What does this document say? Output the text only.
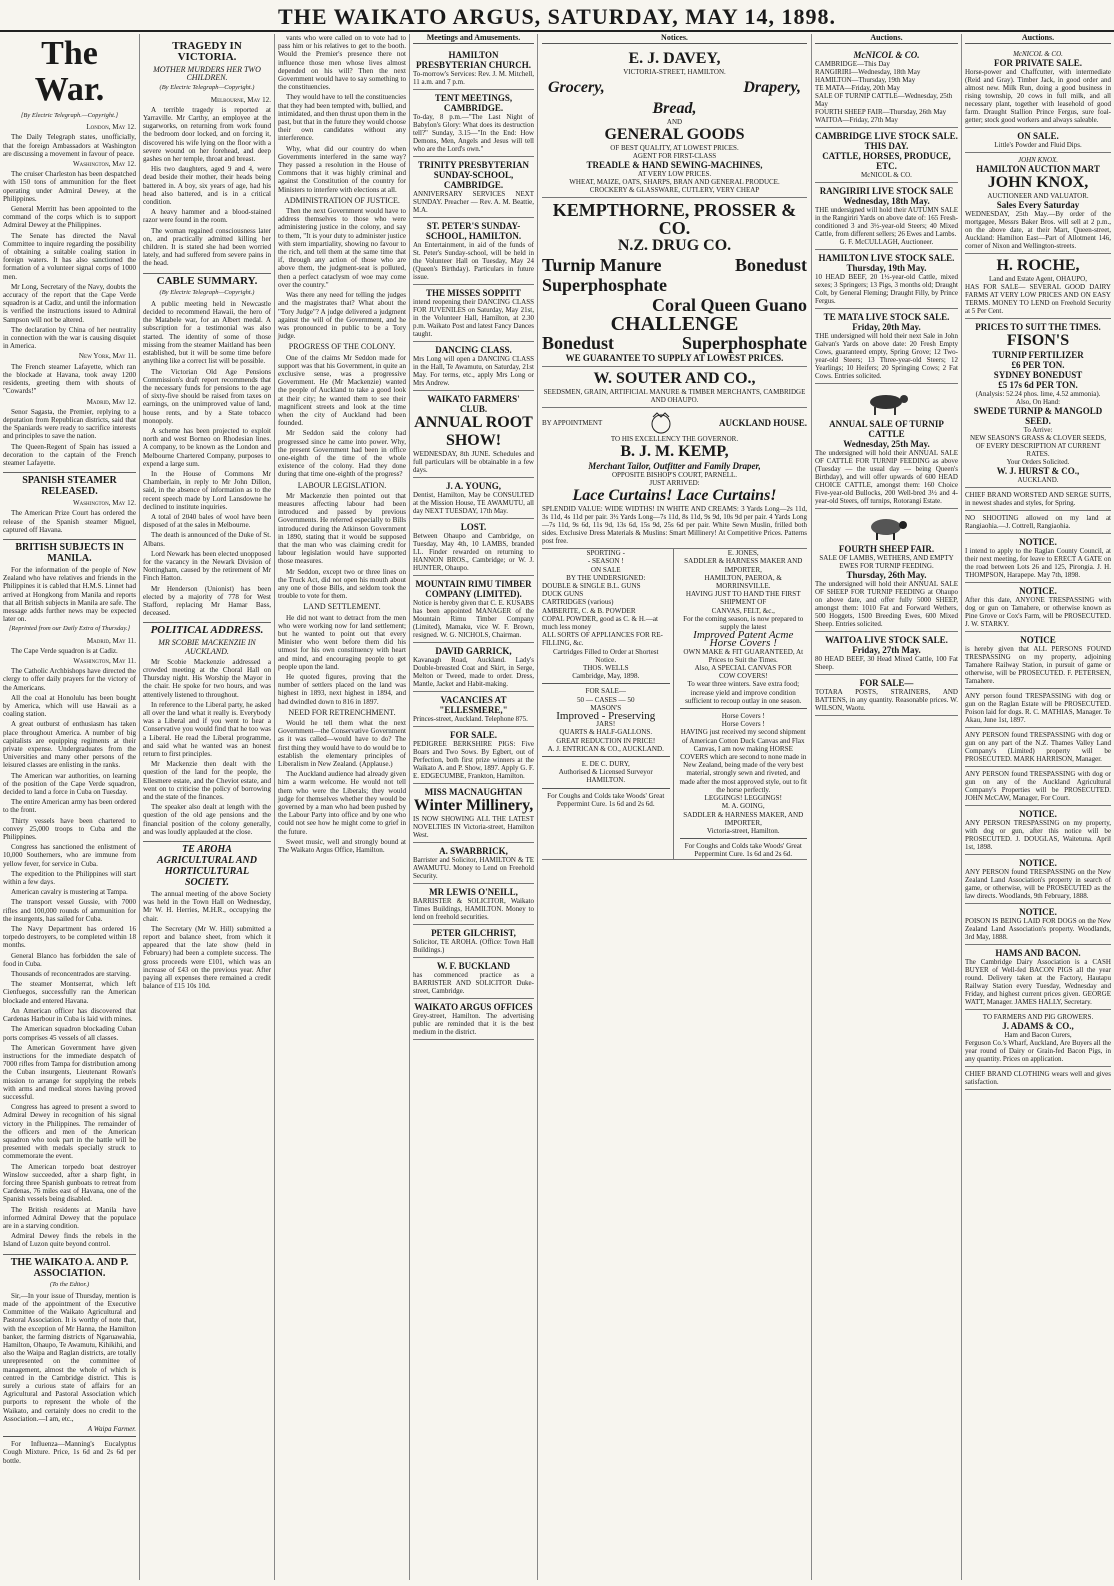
THE WAIKATO ARGUS, SATURDAY, MAY 14, 1898.
The War.
[By Electric Telegraph.—Copyright.]

London, May 12.

The Daily Telegraph states, unofficially, that the foreign Ambassadors at Washington are discussing a movement in favour of peace.

Washington, May 12.

The cruiser Charleston has been despatched with 150 tons of ammunition for the fleet operating under Admiral Dewey, at the Philippines.

General Merritt has been appointed to the command of the corps which is to support Admiral Dewey at the Philippines.

The Senate has directed the Naval Committee to inquire regarding the possibility of obtaining a suitable coaling station in foreign waters. It has also sanctioned the formation of a volunteer signal corps of 1000 men.

Mr Long, Secretary of the Navy, doubts the accuracy of the report that the Cape Verde squadron is at Cadiz, and until the information is verified the instructions issued to Admiral Sampson will not be altered.

The declaration by China of her neutrality in connection with the war is causing disquiet in America.

New York, May 11.

The French steamer Lafayette, which ran the blockade at Havana, took away 1200 residents, greeting them with shouts of "Cowards!"

Madrid, May 12.

Senor Sagasta, the Premier, replying to a deputation from Republican districts, said that the Spaniards were ready to sacrifice interests and principles to save the nation.

The Queen-Regent of Spain has issued a decoration to the captain of the French steamer Lafayette.

SPANISH STEAMER RELEASED.

Washington, May 12.

The American Prize Court has ordered the release of the Spanish steamer Miguel, captured off Havana.

BRITISH SUBJECTS IN MANILA.

For the information of the people of New Zealand who have relatives and friends in the Philippines it is cabled that H.M.S. Linnet had arrived at Hongkong from Manila and reports that all British subjects in Manila are safe. The message adds further news may be expected later on.

[Reprinted from our Daily Extra of Thursday.]

Madrid, May 11.

The Cape Verde squadron is at Cadiz.

Washington, May 11.

The Catholic Archbishops have directed the clergy to offer daily prayers for the victory of the Americans.

All the coal at Honolulu has been bought by America, which will use Hawaii as a coaling station.

A great outburst of enthusiasm has taken place throughout America. A number of big capitalists are equipping regiments at their private expense. Undergraduates from the Universities and many other persons of the leisured classes are enlisting in the ranks.

The American war authorities, on learning of the position of the Cape Verde squadron, decided to land a force in Cuba on Tuesday.

The entire American army has been ordered to the front.

Thirty vessels have been chartered to convey 25,000 troops to Cuba and the Philippines.

Congress has sanctioned the enlistment of 10,000 Southerners, who are immune from yellow fever, for service in Cuba.

The expedition to the Philippines will start within a few days.

American cavalry is mustering at Tampa.

The transport vessel Gussie, with 7000 rifles and 100,000 rounds of ammunition for the insurgents, has sailed for Cuba.

The Navy Department has ordered 16 torpedo destroyers, to be completed within 18 months.

General Blanco has forbidden the sale of food in Cuba.

Thousands of reconcentrados are starving.

The steamer Montserrat, which left Cienfuegos, successfully ran the American blockade and entered Havana.

An American officer has discovered that Cardenas Harbour in Cuba is laid with mines.

The American squadron blockading Cuban ports comprises 45 vessels of all classes.

The American Government have given instructions for the immediate despatch of 7000 rifles from Tampa for distribution among the Cuban insurgents, Lieutenant Rowan's mission to arrange for supplying the rebels with arms and medical stores having proved successful.

Congress has agreed to present a sword to Admiral Dewey in recognition of his signal victory in the Philippines. The remainder of the officers and men of the American squadron who took part in the battle will be presented with medals specially struck to commemorate the event.

The American torpedo boat destroyer Winslow succeeded, after a sharp fight, in forcing three Spanish gunboats to retreat from Cardenas, 76 miles east of Havana, one of the Spanish vessels being disabled.

The British residents at Manila have informed Admiral Dewey that the populace are in a starving condition.

Admiral Dewey finds the rebels in the Island of Luzon quite beyond control.

THE WAIKATO A. AND P. ASSOCIATION.
(To the Editor.)

Sir,—In your issue of Thursday, mention is made of the appointment of the Executive Committee of the Waikato Agricultural and Pastoral Association. It is worthy of note that, with the exception of Mr Hanna, the Hamilton banker, the farming districts of Ngaruawahia, Hamilton, Ohaupo, Te Awamutu, Kihikihi, and also the Waipa and Raglan districts, are totally unrepresented on the committee of management, almost the whole of which is centred in the Cambridge district. This is surely a curious state of affairs for an Agricultural and Pastoral Association which purports to represent the whole of the Waikato, and certainly does no credit to the Association.—I am, etc.,

A Waipa Farmer.

For Influenza—Manning's Eucalyptus Cough Mixture. Price, 1s 6d and 2s 6d per bottle.

TRAGEDY IN VICTORIA.
MOTHER MURDERS HER TWO CHILDREN.
(By Electric Telegraph—Copyright.)

Melbourne, May 12.

A terrible tragedy is reported at Yarraville. Mr Carthy, an employee at the sugarworks, on returning from work found the bedroom door locked, and on forcing it, discovered his wife lying on the floor with a severe wound on her forehead, and deep gashes on her temple, throat and breast.

His two daughters, aged 9 and 4, were dead beside their mother, their heads being battered in. A boy, six years of age, had his head also battered, and is in a critical condition.

A heavy hammer and a blood-stained razor were found in the room.

The woman regained consciousness later on, and practically admitted killing her children. It is stated she had been worried lately, and had suffered from severe pains in the head.

CABLE SUMMARY.
(By Electric Telegraph—Copyright.)

A public meeting held in Newcastle decided to recommend Hawaii, the hero of the Matabele war, for an Albert medal. A subscription for a testimonial was also started. The identity of some of those missing from the steamer Maitland has been established, but it will be some time before anything like a correct list will be possible.

The Victorian Old Age Pensions Commission's draft report recommends that the necessary funds for pensions to the age of sixty-five should be raised from taxes on earnings, on the unimproved value of land, house rents, and by a State tobacco monopoly.

A scheme has been projected to exploit north and west Borneo on Rhodesian lines. A company, to be known as the London and Melbourne Chartered Company, purposes to expend a large sum.

In the House of Commons Mr Chamberlain, in reply to Mr John Dillon, said, in the absence of information as to the recent speech made by Lord Lansdowne he declined to institute inquiries.

A total of 2040 bales of wool have been disposed of at the sales in Melbourne.

The death is announced of the Duke of St. Albans.

Lord Newark has been elected unopposed for the vacancy in the Newark Division of Nottingham, caused by the retirement of Mr Finch Hatton.

Mr Henderson (Unionist) has been elected by a majority of 778 for West Stafford, replacing Mr Hamar Bass, deceased.

POLITICAL ADDRESS.
MR SCOBIE MACKENZIE IN AUCKLAND.

Mr Scobie Mackenzie addressed a crowded meeting at the Choral Hall on Thursday night. His Worship the Mayor in the chair. He spoke for two hours, and was attentively listened to throughout.

In reference to the Liberal party, he asked all over the land what it really is. Everybody was a Liberal and if you went to hear a Conservative you would find that he too was a Liberal. He read the Liberal programme, and said what he wanted was an honest return to first principles.

Mr Mackenzie then dealt with the question of the land for the people, the Ellesmere estate, and the Cheviot estate, and went on to criticise the policy of borrowing and the state of the finances.

The speaker also dealt at length with the question of the old age pensions and the financial position of the colony generally, and was loudly applauded at the close.

TE AROHA AGRICULTURAL AND HORTICULTURAL SOCIETY.

The annual meeting of the above Society was held in the Town Hall on Wednesday, Mr W. H. Herries, M.H.R., occupying the chair.

The Secretary (Mr W. Hill) submitted a report and balance sheet, from which it appeared that the late show (held in February) had been a complete success. The gross proceeds were £101, which was an increase of £43 on the previous year. After paying all expenses there remained a credit balance of £15 10s 10d.

vants who were called on to vote had to pass him or his relatives to get to the booth. Would the Premier's presence there not influence those men whose lives almost depended on his will? Then the next Government would have to say something to the constituencies.

They would have to tell the constituencies that they had been tempted with, bullied, and intimidated, and then thrust upon them in the past, but that in the future they would choose their own candidates without any interference.

Why, what did our country do when Governments interfered in the same way? They passed a resolution in the House of Commons that it was highly criminal and against the Constitution of the country for Ministers to interfere with elections at all.

ADMINISTRATION OF JUSTICE.

Then the next Government would have to address themselves to those who were administering justice in the colony, and say to them, "It is your duty to administer justice with stern impartiality, showing no favour to the rich, and tell them at the same time that if, through any action of those who are above them, the judgment-seat is polluted, then a perfect cataclysm of woe may come over the country."

Was there any need for telling the judges and the magistrates that? What about the "Tory Judge"? A judge delivered a judgment against the will of the Government, and he was pronounced in public to be a Tory judge.

PROGRESS OF THE COLONY.

One of the claims Mr Seddon made for support was that his Government, in quite an exclusive sense, was a progressive Government. He (Mr Mackenzie) wanted the people of Auckland to take a good look at their city; he wanted them to see their magnificent streets and look at the time when the city of Auckland had been founded.

Mr Seddon said the colony had progressed since he came into power. Why, the present Government had been in office one-eighth of the time of the whole existence of the colony. Had they done during that time one-eighth of the progress?

LABOUR LEGISLATION.

Mr Mackenzie then pointed out that measures affecting labour had been introduced and passed by previous Governments. He referred especially to Bills introduced during the Atkinson Government in 1890, stating that it would be supposed that the man who was claiming credit for labour legislation would have supported those measures.

Mr Seddon, except two or three lines on the Truck Act, did not open his mouth about any one of those Bills, and seldom took the trouble to vote for them.

LAND SETTLEMENT.

He did not want to detract from the men who were working now for land settlement; but he wanted to point out that every Minister who went before them did his utmost for his own constituency with heart and mind, and encouraging people to get people upon the land.

He quoted figures, proving that the number of settlers placed on the land was highest in 1893, next highest in 1894, and had dwindled down to 816 in 1897.

NEED FOR RETRENCHMENT.

Would he tell them what the next Government—the Conservative Government as it was called—would have to do? The first thing they would have to do would be to establish the elementary principles of Liberalism in New Zealand. (Applause.)

The Auckland audience had already given him a warm welcome. He would not tell them who were the Liberals; they would judge for themselves whether they would be governed by a man who had been pushed by the Labour Party into office and by one who could not see how he might come to grief in the future.

Sweet music, well and strongly bound at The Waikato Argus Office, Hamilton.

Meetings and Amusements.
HAMILTON PRESBYTERIAN CHURCH.
To-morrow's Services: Rev. J. M. Mitchell, 11 a.m. and 7 p.m.
TENT MEETINGS, CAMBRIDGE.
To-day, 8 p.m.—"The Last Night of Babylon's Glory: What does its destruction tell?" Sunday, 3.15—"In the End: How Demons, Men, Angels and Jesus will tell who are the Lord's own."
TRINITY PRESBYTERIAN SUNDAY-SCHOOL, CAMBRIDGE.
ANNIVERSARY SERVICES NEXT SUNDAY. Preacher — Rev. A. M. Beattie, M.A.
ST. PETER'S SUNDAY-SCHOOL, HAMILTON.
An Entertainment, in aid of the funds of St. Peter's Sunday-school, will be held in the Volunteer Hall on Tuesday, May 24 (Queen's Birthday). Particulars in future issue.
THE MISSES SOPPITT
intend reopening their DANCING CLASS FOR JUVENILES on Saturday, May 21st, in the Volunteer Hall, Hamilton, at 2.30 p.m. Waikato Post and latest Fancy Dances taught.
DANCING CLASS.
Mrs Long will open a DANCING CLASS in the Hall, Te Awamutu, on Saturday, 21st May. For terms, etc., apply Mrs Long or Mrs Andrew.
WAIKATO FARMERS' CLUB.
ANNUAL ROOT SHOW!
WEDNESDAY, 8th JUNE. Schedules and full particulars will be obtainable in a few days.
J. A. YOUNG,
Dentist, Hamilton, May be CONSULTED at the Mission House, TE AWAMUTU, all day NEXT TUESDAY, 17th May.
LOST.
Between Ohaupo and Cambridge, on Tuesday, May 4th, 10 LAMBS, branded LL. Finder rewarded on returning to HANNON BROS., Cambridge; or W. J. HUNTER, Ohaupo.
MOUNTAIN RIMU TIMBER COMPANY (LIMITED).
Notice is hereby given that C. E. KUSABS has been appointed MANAGER of the Mountain Rimu Timber Company (Limited), Mamaku, vice W. F. Brown, resigned. W. G. NICHOLS, Chairman.
DAVID GARRICK,
Kavanagh Road, Auckland. Lady's Double-breasted Coat and Skirt, in Serge, Melton or Tweed, made to order. Dress, Mantle, Jacket and Habit-making.
VACANCIES AT "ELLESMERE,"
Princes-street, Auckland. Telephone 875.
FOR SALE.
PEDIGREE BERKSHIRE PIGS: Five Boars and Two Sows. By Egbert, out of Perfection, both first prize winners at the Waikato A. and P. Show, 1897. Apply G. F. E. EDGECUMBE, Frankton, Hamilton.
MISS MACNAUGHTAN
Winter Millinery,
IS NOW SHOWING ALL THE LATEST NOVELTIES IN Victoria-street, Hamilton West.
A. SWARBRICK,
Barrister and Solicitor, HAMILTON & TE AWAMUTU. Money to Lend on Freehold Security.
MR LEWIS O'NEILL,
BARRISTER & SOLICITOR, Waikato Times Buildings, HAMILTON. Money to lend on freehold securities.
PETER GILCHRIST,
Solicitor, TE AROHA. (Office: Town Hall Buildings.)
W. F. BUCKLAND
has commenced practice as a BARRISTER AND SOLICITOR Duke-street, Cambridge.
WAIKATO ARGUS OFFICES
Grey-street, Hamilton. The advertising public are reminded that it is the best medium in the district.
Notices.
E. J. DAVEY,
VICTORIA-STREET, HAMILTON.
Grocery,	Drapery,
Bread,
AND
GENERAL GOODS
OF BEST QUALITY, AT LOWEST PRICES.
AGENT FOR FIRST-CLASS
TREADLE & HAND SEWING-MACHINES,
AT VERY LOW PRICES.
WHEAT, MAIZE, OATS, SHARPS, BRAN AND GENERAL PRODUCE.
CROCKERY & GLASSWARE, CUTLERY, VERY CHEAP
KEMPTHORNE, PROSSER & CO.
N.Z. DRUG CO.
Turnip Manure	Bonedust
Superphosphate
Coral Queen Guano
CHALLENGE
Bonedust	Superphosphate
WE GUARANTEE TO SUPPLY AT LOWEST PRICES.
W. SOUTER AND CO.,
SEEDSMEN, GRAIN, ARTIFICIAL MANURE & TIMBER MERCHANTS, CAMBRIDGE AND OHAUPO.
BY APPOINTMENT	AUCKLAND HOUSE.
TO HIS EXCELLENCY THE GOVERNOR.
B. J. M. KEMP,
Merchant Tailor, Outfitter and Family Draper,
OPPOSITE BISHOP'S COURT, PARNELL.
JUST ARRIVED:
Lace Curtains! Lace Curtains!
SPLENDID VALUE: WIDE WIDTHS! IN WHITE AND CREAMS: 3 Yards Long—2s 11d, 3s 11d, 4s 11d per pair. 3½ Yards Long—7s 11d, 8s 11d, 9s 9d, 10s 9d per pair. 4 Yards Long—7s 11d, 9s 6d, 11s 9d, 13s 6d, 15s 9d, 25s 6d per pair. White Sewn Muslin, frilled both sides. Exclusive Dress Materials & Muslins: Smart Millinery! At Competitive Prices. Patterns post free.
SPORTING -
- SEASON !
ON SALE
BY THE UNDERSIGNED:
DOUBLE & SINGLE B.L. GUNS
DUCK GUNS
CARTRIDGES (various)
AMBERITE, C. & B. POWDER
COPAL POWDER, good as C. & H.—at much less money
ALL SORTS OF APPLIANCES FOR RE-FILLING, &c.
Cartridges Filled to Order at Shortest Notice.
THOS. WELLS
Cambridge, May, 1898.
FOR SALE—
50 — CASES — 50
MASON'S
Improved - Preserving
JARS!
QUARTS & HALF-GALLONS.
GREAT REDUCTION IN PRICE!
A. J. ENTRICAN & CO., AUCKLAND.
E. DE C. DURY,
Authorised & Licensed Surveyor HAMILTON.
For Coughs and Colds take Woods' Great Peppermint Cure. 1s 6d and 2s 6d.
E. JONES,
SADDLER & HARNESS MAKER AND IMPORTER,
HAMILTON, PAEROA, & MORRINSVILLE.
HAVING JUST TO HAND THE FIRST SHIPMENT OF
CANVAS, FELT, &c.,
For the coming season, is now prepared to supply the latest
Improved Patent Acme Horse Covers !
OWN MAKE & FIT GUARANTEED, At Prices to Suit the Times.
Also, A SPECIAL CANVAS FOR
COW COVERS!
To wear three winters. Save extra food; increase yield and improve condition sufficient to recoup outlay in one season.
Horse Covers !
Horse Covers !
HAVING just received my second shipment of American Cotton Duck Canvas and Flax Canvas, I am now making HORSE COVERS which are second to none made in New Zealand, being made of the very best material, strongly sewn and riveted, and made after the most approved style, out to fit the horse perfectly.
LEGGINGS! LEGGINGS!
M. A. GOING,
SADDLER & HARNESS MAKER, AND IMPORTER,
Victoria-street, Hamilton.
For Coughs and Colds take Woods' Great Peppermint Cure. 1s 6d and 2s 6d.
Auctions.
McNICOL & CO.
CAMBRIDGE—This Day
RANGIRIRI—Wednesday, 18th May
HAMILTON—Thursday, 19th May
TE MATA—Friday, 20th May
SALE OF TURNIP CATTLE—Wednesday, 25th May
FOURTH SHEEP FAIR—Thursday, 26th May
WAITOA—Friday, 27th May
CAMBRIDGE LIVE STOCK SALE.
THIS DAY.
CATTLE, HORSES, PRODUCE, ETC.
McNICOL & CO.
RANGIRIRI LIVE STOCK SALE
Wednesday, 18th May.
THE undersigned will hold their AUTUMN SALE in the Rangiriri Yards on above date of: 165 Fresh-conditioned 3 and 3½-year-old Steers; 40 Mixed Cattle, from different sellers; 26 Ewes and Lambs.
G. F. McCULLAGH, Auctioneer.
HAMILTON LIVE STOCK SALE.
Thursday, 19th May.
10 HEAD BEEF, 20 1½-year-old Cattle, mixed sexes; 3 Springers; 13 Pigs, 3 months old; Draught Colt, by General Fleming; Draught Filly, by Prince Fergus.
TE MATA LIVE STOCK SALE.
Friday, 20th May.
THE undersigned will hold their next Sale in John Galvan's Yards on above date: 20 Fresh Empty Cows, guaranteed empty, Spring Grove; 12 Two-year-old Steers; 13 Three-year-old Steers; 12 Yearlings; 10 Heifers; 20 Springing Cows; 2 Fat Cows. Entries solicited.
ANNUAL SALE OF TURNIP CATTLE
Wednesday, 25th May.
The undersigned will hold their ANNUAL SALE OF CATTLE FOR TURNIP FEEDING as above (Tuesday — the usual day — being Queen's Birthday), and will offer upwards of 600 HEAD CHOICE CATTLE, amongst them: 160 Choice Five-year-old Bullocks, 200 Well-bred 3½ and 4-year-old Steers, off turnips, Rotorangi Estate.
FOURTH SHEEP FAIR.
SALE OF LAMBS, WETHERS, AND EMPTY EWES FOR TURNIP FEEDING.
Thursday, 26th May.
The undersigned will hold their ANNUAL SALE OF SHEEP FOR TURNIP FEEDING at Ohaupo on above date, and offer fully 5000 SHEEP, amongst them: 1010 Fat and Forward Wethers, 500 Hoggets, 1500 Breeding Ewes, 600 Mixed Sheep. Entries solicited.
WAITOA LIVE STOCK SALE.
Friday, 27th May.
80 HEAD BEEF, 30 Head Mixed Cattle, 100 Fat Sheep.
FOR SALE—
TOTARA POSTS, STRAINERS, AND BATTENS, in any quantity. Reasonable prices. W. WILSON, Waotu.
Auctions.
McNICOL & CO.
FOR PRIVATE SALE.
Horse-power and Chaffcutter, with intermediate (Reid and Gray). Timber Jack, in good order and almost new. Milk Run, doing a good business in rising township, 20 cows in full milk, and all necessary plant, together with leasehold of good farm. Draught Stallion Prince Fergus, sure foal-getter; stock good workers and always saleable.
ON SALE.
Little's Powder and Fluid Dips.
JOHN KNOX.
HAMILTON AUCTION MART
JOHN KNOX,
AUCTIONEER AND VALUATOR.
Sales Every Saturday
WEDNESDAY, 25th May.—By order of the mortgagee, Messrs Baker Bros. will sell at 2 p.m., on the above date, at their Mart, Queen-street, Auckland: Hamilton East—Part of Allotment 146, corner of Nixon and Wellington-streets.
H. ROCHE,
Land and Estate Agent, OHAUPO,
HAS FOR SALE— SEVERAL GOOD DAIRY FARMS AT VERY LOW PRICES AND ON EASY TERMS. MONEY TO LEND on Freehold Security at 5 Per Cent.
PRICES TO SUIT THE TIMES.
FISON'S
TURNIP FERTILIZER
£6 PER TON.
SYDNEY BONEDUST
£5 17s 6d PER TON.
(Analysis: 52.24 phos. lime, 4.52 ammonia).
Also, On Hand:
SWEDE TURNIP & MANGOLD SEED.
To Arrive:
NEW SEASON'S GRASS & CLOVER SEEDS, OF EVERY DESCRIPTION AT CURRENT RATES.
Your Orders Solicited.
W. J. HURST & CO.,
AUCKLAND.
CHIEF BRAND WORSTED AND SERGE SUITS, in newest shades and styles, for Spring.
NO SHOOTING allowed on my land at Rangiaohia.—J. Cottrell, Rangiaohia.
NOTICE.
I intend to apply to the Raglan County Council, at their next meeting, for leave to ERECT A GATE on the road between Lots 26 and 125, Pirongia. J. H. THOMPSON, Harapepe. May 7th, 1898.
NOTICE.
After this date, ANYONE TRESPASSING with dog or gun on Tamahere, or otherwise known as Pine Grove or Cox's Farm, will be PROSECUTED. J. W. STARKY.
NOTICE
is hereby given that ALL PERSONS FOUND TRESPASSING on my property, adjoining Tamahere Railway Station, in pursuit of game or otherwise, will be PROSECUTED. F. PETERSEN, Tamahere.
ANY person found TRESPASSING with dog or gun on the Raglan Estate will be PROSECUTED. Poison laid for dogs. R. C. MATHIAS, Manager. Te Akau, June 1st, 1897.
ANY PERSON found TRESPASSING with dog or gun on any part of the N.Z. Thames Valley Land Company's (Limited) property will be PROSECUTED. MARK HARRISON, Manager.
ANY PERSON found TRESPASSING with dog or gun on any of the Auckland Agricultural Company's Properties will be PROSECUTED. JOHN McCAW, Manager, For Court.
NOTICE.
ANY PERSON TRESPASSING on my property, with dog or gun, after this notice will be PROSECUTED. J. DOUGLAS, Waitetuna. April 1st, 1898.
NOTICE.
ANY PERSON found TRESPASSING on the New Zealand Land Association's property in search of game, or otherwise, will be PROSECUTED as the law directs. Woodlands, 9th February, 1888.
NOTICE.
POISON IS BEING LAID FOR DOGS on the New Zealand Land Association's property. Woodlands, 3rd May, 1888.
HAMS AND BACON.
The Cambridge Dairy Association is a CASH BUYER of Well-fed BACON PIGS all the year round. Delivery taken at the Factory, Hautapu Railway Station every Tuesday, Wednesday and Friday, and highest current prices given. GEORGE WATT, Manager. JAMES HALLY, Secretary.
TO FARMERS AND PIG GROWERS.
J. ADAMS & CO.,
Ham and Bacon Curers,
Ferguson Co.'s Wharf, Auckland, Are Buyers all the year round of Dairy or Grain-fed Bacon Pigs, in any quantity. Prices on application.
CHIEF BRAND CLOTHING wears well and gives satisfaction.
